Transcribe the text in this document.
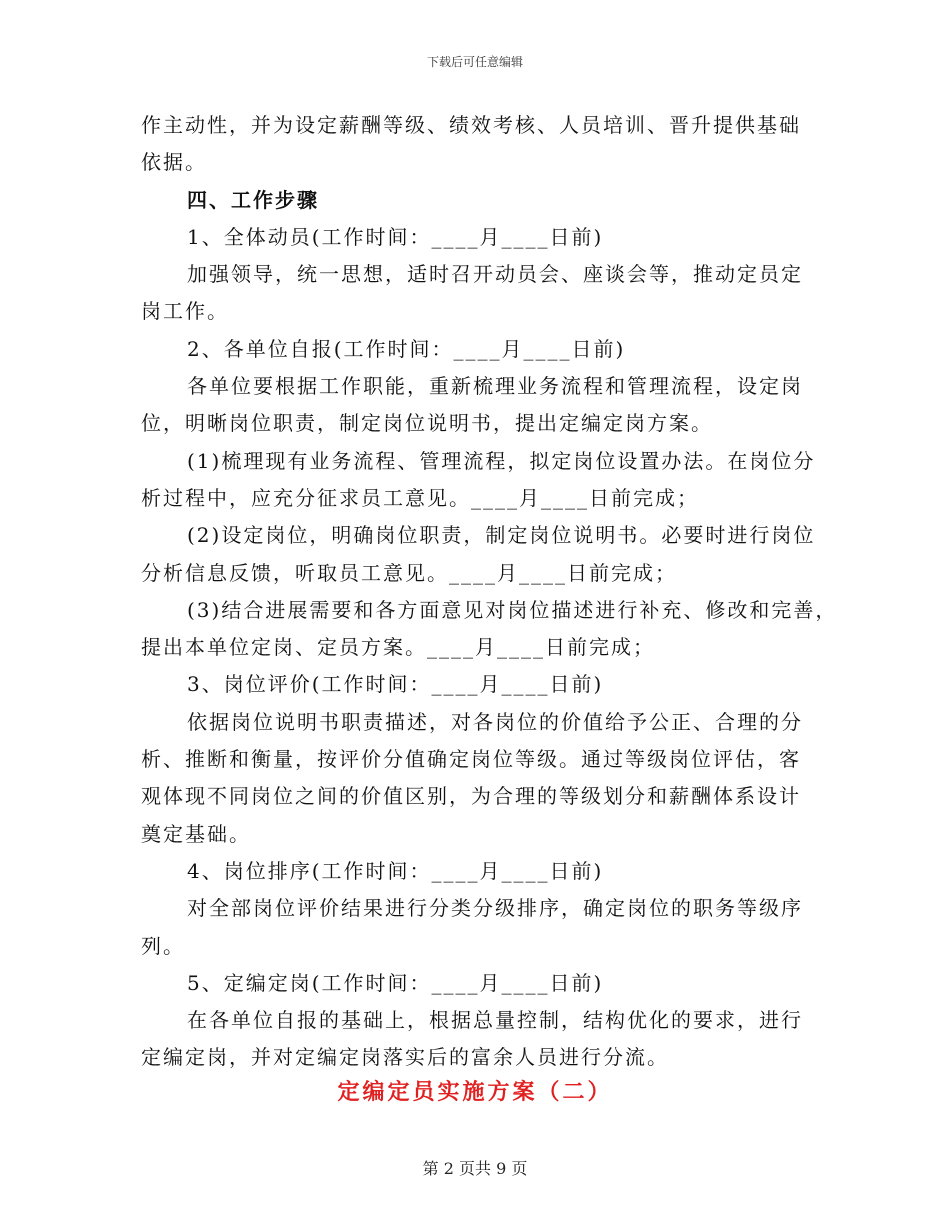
下载后可任意编辑
作主动性，并为设定薪酬等级、绩效考核、人员培训、晋升提供基础
依据。
四、工作步骤
1、全体动员(工作时间：____月____日前)
加强领导，统一思想，适时召开动员会、座谈会等，推动定员定
岗工作。
2、各单位自报(工作时间：____月____日前)
各单位要根据工作职能，重新梳理业务流程和管理流程，设定岗
位，明晰岗位职责，制定岗位说明书，提出定编定岗方案。
(1)梳理现有业务流程、管理流程，拟定岗位设置办法。在岗位分
析过程中，应充分征求员工意见。____月____日前完成；
(2)设定岗位，明确岗位职责，制定岗位说明书。必要时进行岗位
分析信息反馈，听取员工意见。____月____日前完成；
(3)结合进展需要和各方面意见对岗位描述进行补充、修改和完善，
提出本单位定岗、定员方案。____月____日前完成；
3、岗位评价(工作时间：____月____日前)
依据岗位说明书职责描述，对各岗位的价值给予公正、合理的分
析、推断和衡量，按评价分值确定岗位等级。通过等级岗位评估，客
观体现不同岗位之间的价值区别，为合理的等级划分和薪酬体系设计
奠定基础。
4、岗位排序(工作时间：____月____日前)
对全部岗位评价结果进行分类分级排序，确定岗位的职务等级序
列。
5、定编定岗(工作时间：____月____日前)
在各单位自报的基础上，根据总量控制，结构优化的要求，进行
定编定岗，并对定编定岗落实后的富余人员进行分流。
定编定员实施方案（二）
第 2 页共 9 页
